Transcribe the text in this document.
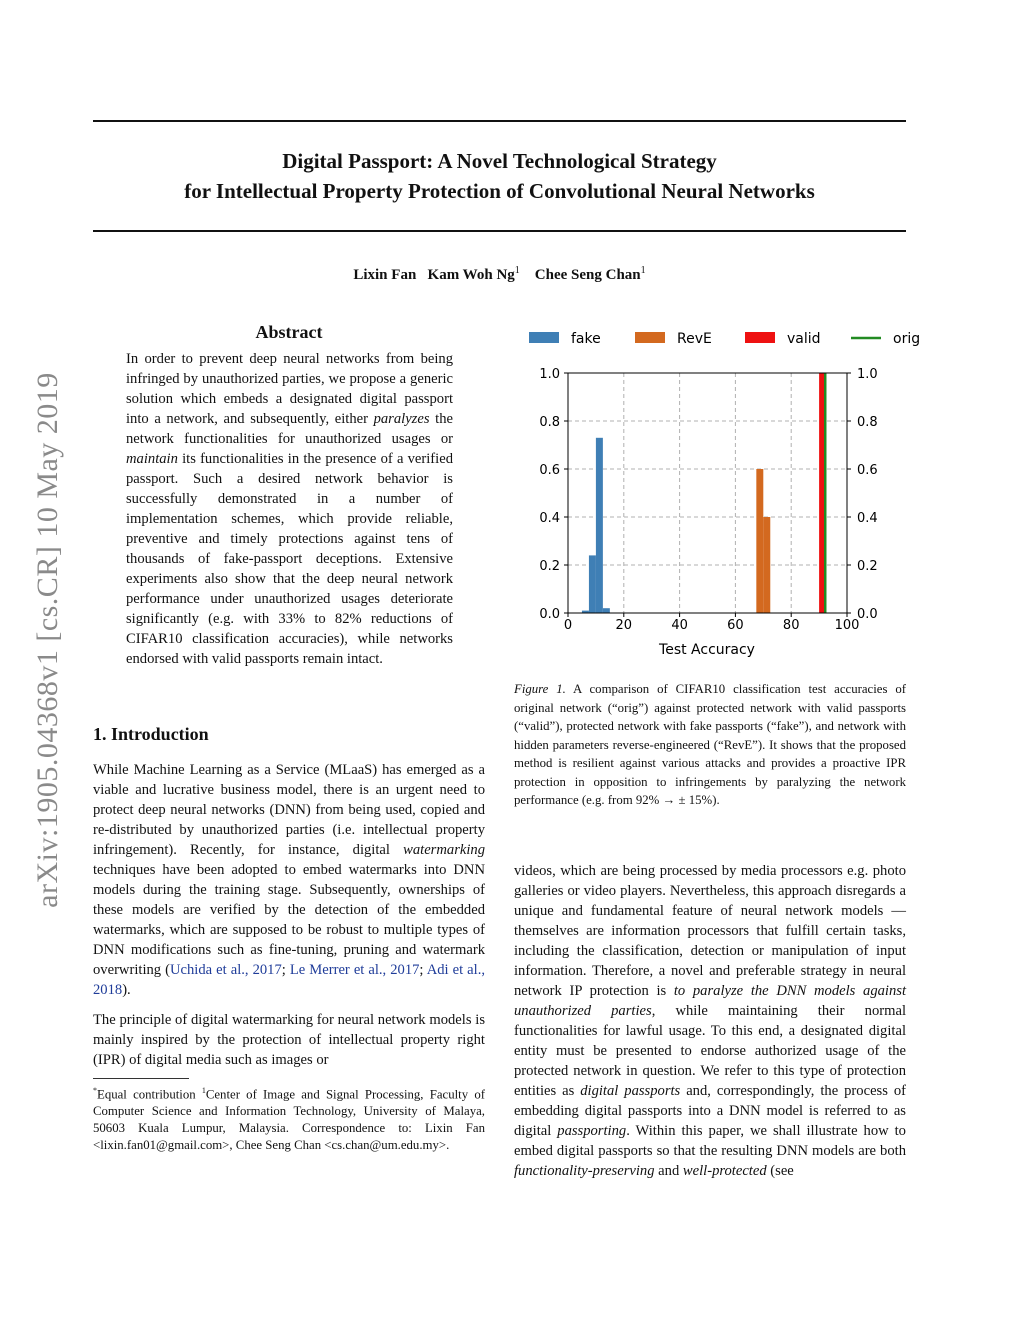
arXiv:1905.04368v1 [cs.CR] 10 May 2019
Digital Passport: A Novel Technological Strategy
for Intellectual Property Protection of Convolutional Neural Networks
Lixin Fan Kam Woh Ng$^1$ Chee Seng Chan$^1$
Abstract
In order to prevent deep neural networks from being infringed by unauthorized parties, we propose a generic solution which embeds a designated digital passport into a network, and subsequently, either paralyzes the network functionalities for unauthorized usages or maintain its functionalities in the presence of a verified passport. Such a desired network behavior is successfully demonstrated in a number of implementation schemes, which provide reliable, preventive and timely protections against tens of thousands of fake-passport deceptions. Extensive experiments also show that the deep neural network performance under unauthorized usages deteriorate significantly (e.g. with 33% to 82% reductions of CIFAR10 classification accuracies), while networks endorsed with valid passports remain intact.
1. Introduction
While Machine Learning as a Service (MLaaS) has emerged as a viable and lucrative business model, there is an urgent need to protect deep neural networks (DNN) from being used, copied and re-distributed by unauthorized parties (i.e. intellectual property infringement). Recently, for instance, digital watermarking techniques have been adopted to embed watermarks into DNN models during the training stage. Subsequently, ownerships of these models are verified by the detection of the embedded watermarks, which are supposed to be robust to multiple types of DNN modifications such as fine-tuning, pruning and watermark overwriting (Uchida et al., 2017; Le Merrer et al., 2017; Adi et al., 2018).
The principle of digital watermarking for neural network models is mainly inspired by the protection of intellectual property right (IPR) of digital media such as images or
*Equal contribution $^1$Center of Image and Signal Processing, Faculty of Computer Science and Information Technology, University of Malaya, 50603 Kuala Lumpur, Malaysia. Correspondence to: Lixin Fan <lixin.fan01@gmail.com>, Chee Seng Chan <cs.chan@um.edu.my>.
fake	RevE	valid	orig
0	20	40	60	80	100
0.0	0.0
0.2	0.2
0.4	0.4
0.6	0.6
0.8	0.8
1.0	1.0
Test Accuracy
Figure 1. A comparison of CIFAR10 classification test accuracies of original network (“orig”) against protected network with valid passports (“valid”), protected network with fake passports (“fake”), and network with hidden parameters reverse-engineered (“RevE”). It shows that the proposed method is resilient against various attacks and provides a proactive IPR protection in opposition to infringements by paralyzing the network performance (e.g. from 92% → ± 15%).
videos, which are being processed by media processors e.g. photo galleries or video players. Nevertheless, this approach disregards a unique and fundamental feature of neural network models — themselves are information processors that fulfill certain tasks, including the classification, detection or manipulation of input information. Therefore, a novel and preferable strategy in neural network IP protection is to paralyze the DNN models against unauthorized parties, while maintaining their normal functionalities for lawful usage. To this end, a designated digital entity must be presented to endorse authorized usage of the protected network in question. We refer to this type of protection entities as digital passports and, correspondingly, the process of embedding digital passports into a DNN model is referred to as digital passporting. Within this paper, we shall illustrate how to embed digital passports so that the resulting DNN models are both functionality-preserving and well-protected (see
